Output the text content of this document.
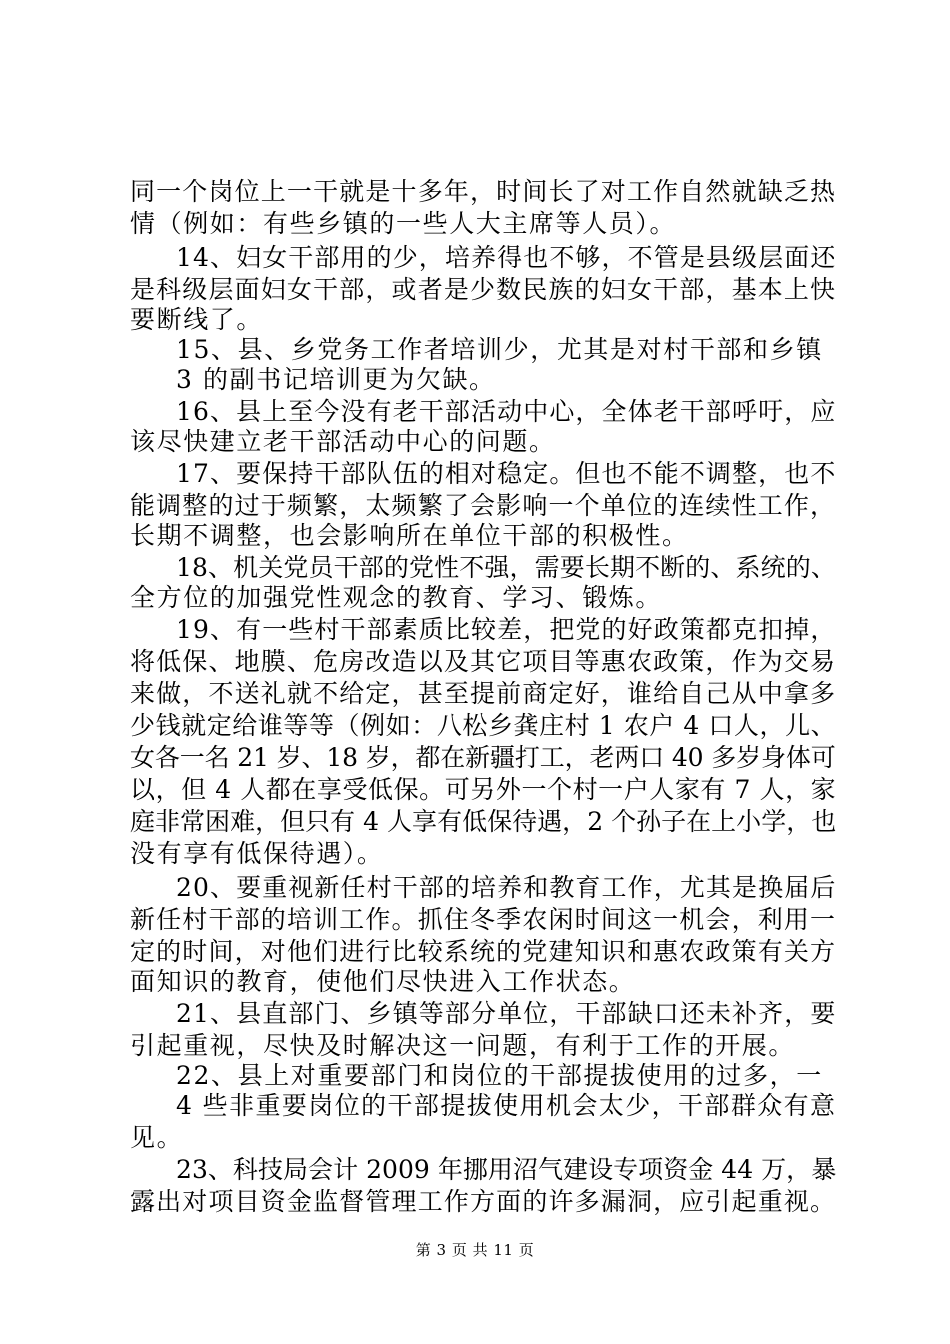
同一个岗位上一干就是十多年，时间长了对工作自然就缺乏热
情（例如：有些乡镇的一些人大主席等人员）。
14、妇女干部用的少，培养得也不够，不管是县级层面还
是科级层面妇女干部，或者是少数民族的妇女干部，基本上快
要断线了。
15、县、乡党务工作者培训少，尤其是对村干部和乡镇
3 的副书记培训更为欠缺。
16、县上至今没有老干部活动中心，全体老干部呼吁，应
该尽快建立老干部活动中心的问题。
17、要保持干部队伍的相对稳定。但也不能不调整，也不
能调整的过于频繁，太频繁了会影响一个单位的连续性工作，
长期不调整，也会影响所在单位干部的积极性。
18、机关党员干部的党性不强，需要长期不断的、系统的、
全方位的加强党性观念的教育、学习、锻炼。
19、有一些村干部素质比较差，把党的好政策都克扣掉，
将低保、地膜、危房改造以及其它项目等惠农政策，作为交易
来做，不送礼就不给定，甚至提前商定好，谁给自己从中拿多
少钱就定给谁等等（例如：八松乡龚庄村 1 农户 4 口人，儿、
女各一名 21 岁、18 岁，都在新疆打工，老两口 40 多岁身体可
以，但 4 人都在享受低保。可另外一个村一户人家有 7 人，家
庭非常困难，但只有 4 人享有低保待遇，2 个孙子在上小学，也
没有享有低保待遇）。
20、要重视新任村干部的培养和教育工作，尤其是换届后
新任村干部的培训工作。抓住冬季农闲时间这一机会，利用一
定的时间，对他们进行比较系统的党建知识和惠农政策有关方
面知识的教育，使他们尽快进入工作状态。
21、县直部门、乡镇等部分单位，干部缺口还未补齐，要
引起重视，尽快及时解决这一问题，有利于工作的开展。
22、县上对重要部门和岗位的干部提拔使用的过多，一
4 些非重要岗位的干部提拔使用机会太少，干部群众有意
见。
23、科技局会计 2009 年挪用沼气建设专项资金 44 万，暴
露出对项目资金监督管理工作方面的许多漏洞，应引起重视。
第 3 页 共 11 页
